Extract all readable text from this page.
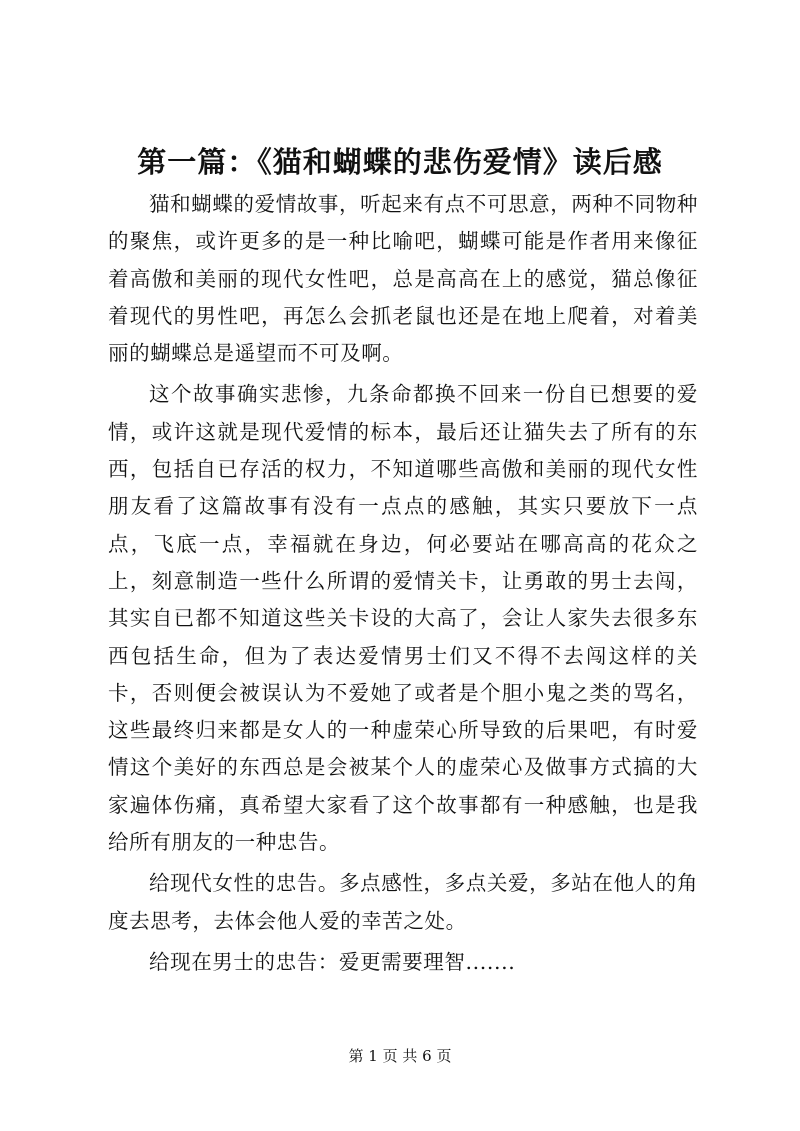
第一篇：《猫和蝴蝶的悲伤爱情》读后感

猫和蝴蝶的爱情故事，听起来有点不可思意，两种不同物种的聚焦，或许更多的是一种比喻吧，蝴蝶可能是作者用来像征着高傲和美丽的现代女性吧，总是高高在上的感觉，猫总像征着现代的男性吧，再怎么会抓老鼠也还是在地上爬着，对着美丽的蝴蝶总是遥望而不可及啊。

这个故事确实悲惨，九条命都换不回来一份自已想要的爱情，或许这就是现代爱情的标本，最后还让猫失去了所有的东西，包括自已存活的权力，不知道哪些高傲和美丽的现代女性朋友看了这篇故事有没有一点点的感触，其实只要放下一点点，飞底一点，幸福就在身边，何必要站在哪高高的花众之上，刻意制造一些什么所谓的爱情关卡，让勇敢的男士去闯，其实自已都不知道这些关卡设的大高了，会让人家失去很多东西包括生命，但为了表达爱情男士们又不得不去闯这样的关卡，否则便会被误认为不爱她了或者是个胆小鬼之类的骂名，这些最终归来都是女人的一种虚荣心所导致的后果吧，有时爱情这个美好的东西总是会被某个人的虚荣心及做事方式搞的大家遍体伤痛，真希望大家看了这个故事都有一种感触，也是我给所有朋友的一种忠告。

给现代女性的忠告。多点感性，多点关爱，多站在他人的角度去思考，去体会他人爱的幸苦之处。

给现在男士的忠告：爱更需要理智.......

第 1 页 共 6 页
